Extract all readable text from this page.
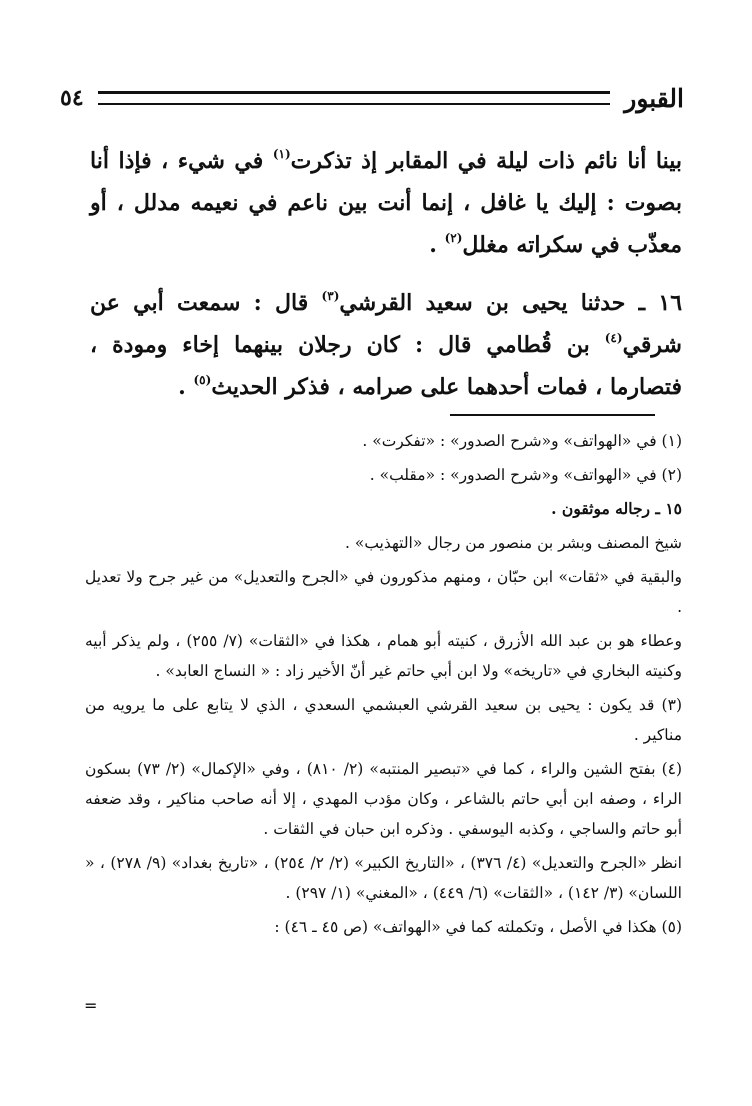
القبور
٥٤

بينا أنا نائم ذات ليلة في المقابر إذ تذكرت$^{(١)}$ في شيء ، فإذا أنا بصوت : إليك يا غافل ، إنما أنت بين ناعم في نعيمه مدلل ، أو معذّب في سكراته مغلل$^{(٢)}$ .

١٦ ـ حدثنا يحيى بن سعيد القرشي$^{(٣)}$ قال : سمعت أبي عن شرقي$^{(٤)}$ بن قُطامي قال : كان رجلان بينهما إخاء ومودة ، فتصارما ، فمات أحدهما على صرامه ، فذكر الحديث$^{(٥)}$ .

(١) في «الهواتف» و«شرح الصدور» : «تفكرت» .

(٢) في «الهواتف» و«شرح الصدور» : «مقلب» .

١٥ ـ رجاله موثقون .

شيخ المصنف وبشر بن منصور من رجال «التهذيب» .

والبقية في «ثقات» ابن حبّان ، ومنهم مذكورون في «الجرح والتعديل» من غير جرح ولا تعديل .

وعطاء هو بن عبد الله الأزرق ، كنيته أبو همام ، هكذا في «الثقات» (٧/ ٢٥٥) ، ولم يذكر أبيه وكنيته البخاري في «تاريخه» ولا ابن أبي حاتم غير أنّ الأخير زاد : « النساج العابد» .

(٣) قد يكون : يحيى بن سعيد القرشي العبشمي السعدي ، الذي لا يتابع على ما يرويه من مناكير .

(٤) بفتح الشين والراء ، كما في «تبصير المنتبه» (٢/ ٨١٠) ، وفي «الإكمال» (٢/ ٧٣) بسكون الراء ، وصفه ابن أبي حاتم بالشاعر ، وكان مؤدب المهدي ، إلا أنه صاحب مناكير ، وقد ضعفه أبو حاتم والساجي ، وكذبه اليوسفي . وذكره ابن حبان في الثقات .

انظر «الجرح والتعديل» (٤/ ٣٧٦) ، «التاريخ الكبير» (٢/ ٢/ ٢٥٤) ، «تاريخ بغداد» (٩/ ٢٧٨) ، « اللسان» (٣/ ١٤٢) ، «الثقات» (٦/ ٤٤٩) ، «المغني» (١/ ٢٩٧) .

(٥) هكذا في الأصل ، وتكملته كما في «الهواتف» (ص ٤٥ ـ ٤٦) :

=
